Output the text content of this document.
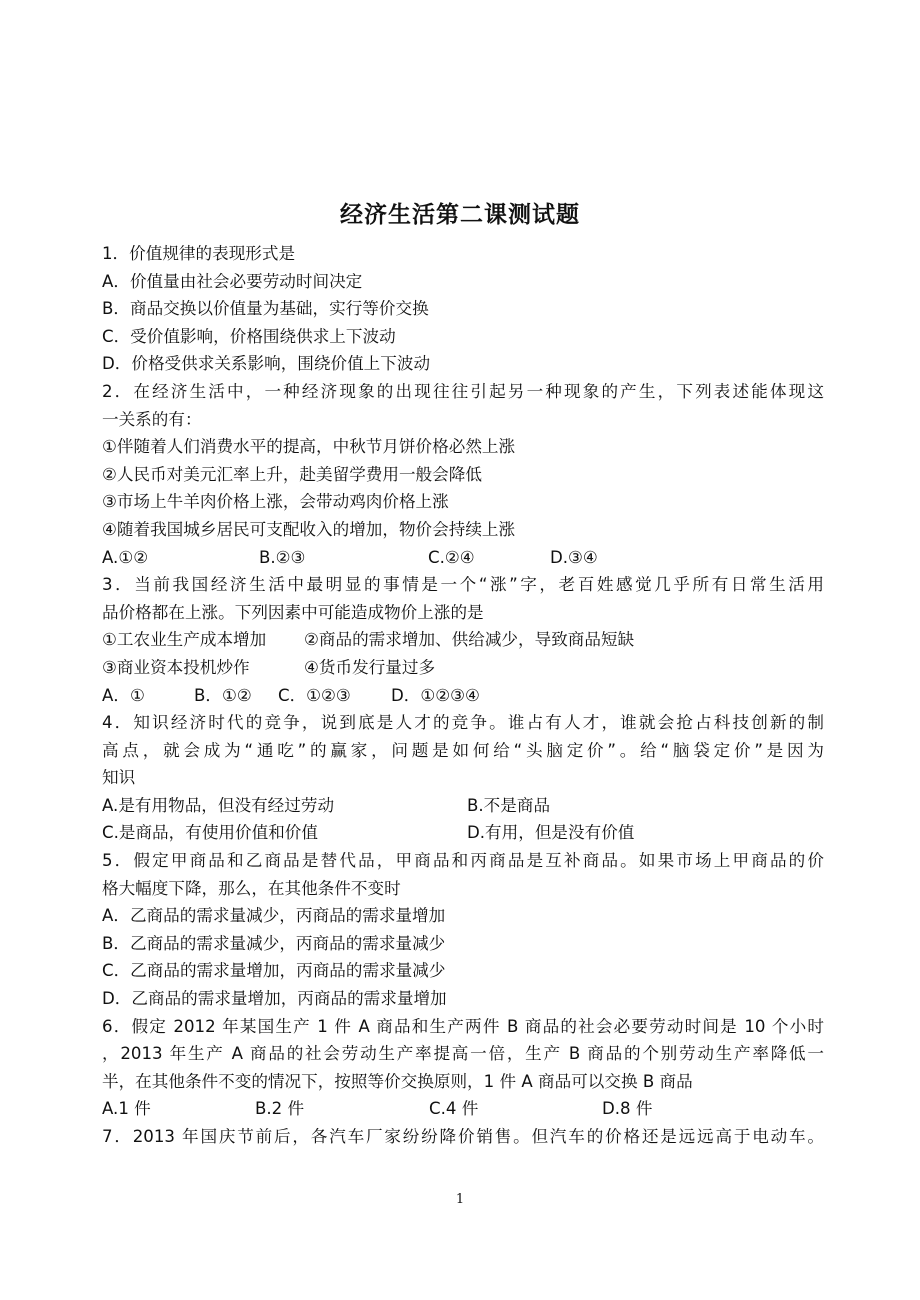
经济生活第二课测试题
1．价值规律的表现形式是
A．价值量由社会必要劳动时间决定
B．商品交换以价值量为基础，实行等价交换
C．受价值影响，价格围绕供求上下波动
D．价格受供求关系影响，围绕价值上下波动
2．在经济生活中，一种经济现象的出现往往引起另一种现象的产生，下列表述能体现这
一关系的有：
①伴随着人们消费水平的提高，中秋节月饼价格必然上涨
②人民币对美元汇率上升，赴美留学费用一般会降低
③市场上牛羊肉价格上涨，会带动鸡肉价格上涨
④随着我国城乡居民可支配收入的增加，物价会持续上涨
A.①②	B.②③	C.②④	D.③④
3．当前我国经济生活中最明显的事情是一个“涨”字，老百姓感觉几乎所有日常生活用
品价格都在上涨。下列因素中可能造成物价上涨的是
①工农业生产成本增加	②商品的需求增加、供给减少，导致商品短缺
③商业资本投机炒作	④货币发行量过多
A．①	B．①②	C．①②③	D．①②③④
4．知识经济时代的竞争，说到底是人才的竞争。谁占有人才，谁就会抢占科技创新的制
高点，就会成为“通吃”的赢家，问题是如何给“头脑定价”。给“脑袋定价”是因为
知识
A.是有用物品，但没有经过劳动	B.不是商品
C.是商品，有使用价值和价值	D.有用，但是没有价值
5．假定甲商品和乙商品是替代品，甲商品和丙商品是互补商品。如果市场上甲商品的价
格大幅度下降，那么，在其他条件不变时
A．乙商品的需求量减少，丙商品的需求量增加
B．乙商品的需求量减少，丙商品的需求量减少
C．乙商品的需求量增加，丙商品的需求量减少
D．乙商品的需求量增加，丙商品的需求量增加
6．假定 2012 年某国生产 1 件 A 商品和生产两件 B 商品的社会必要劳动时间是 10 个小时
，2013 年生产 A 商品的社会劳动生产率提高一倍，生产 B 商品的个别劳动生产率降低一
半，在其他条件不变的情况下，按照等价交换原则，1 件 A 商品可以交换 B 商品
A.1 件	B.2 件	C.4 件	D.8 件
7．2013 年国庆节前后，各汽车厂家纷纷降价销售。但汽车的价格还是远远高于电动车。
1
